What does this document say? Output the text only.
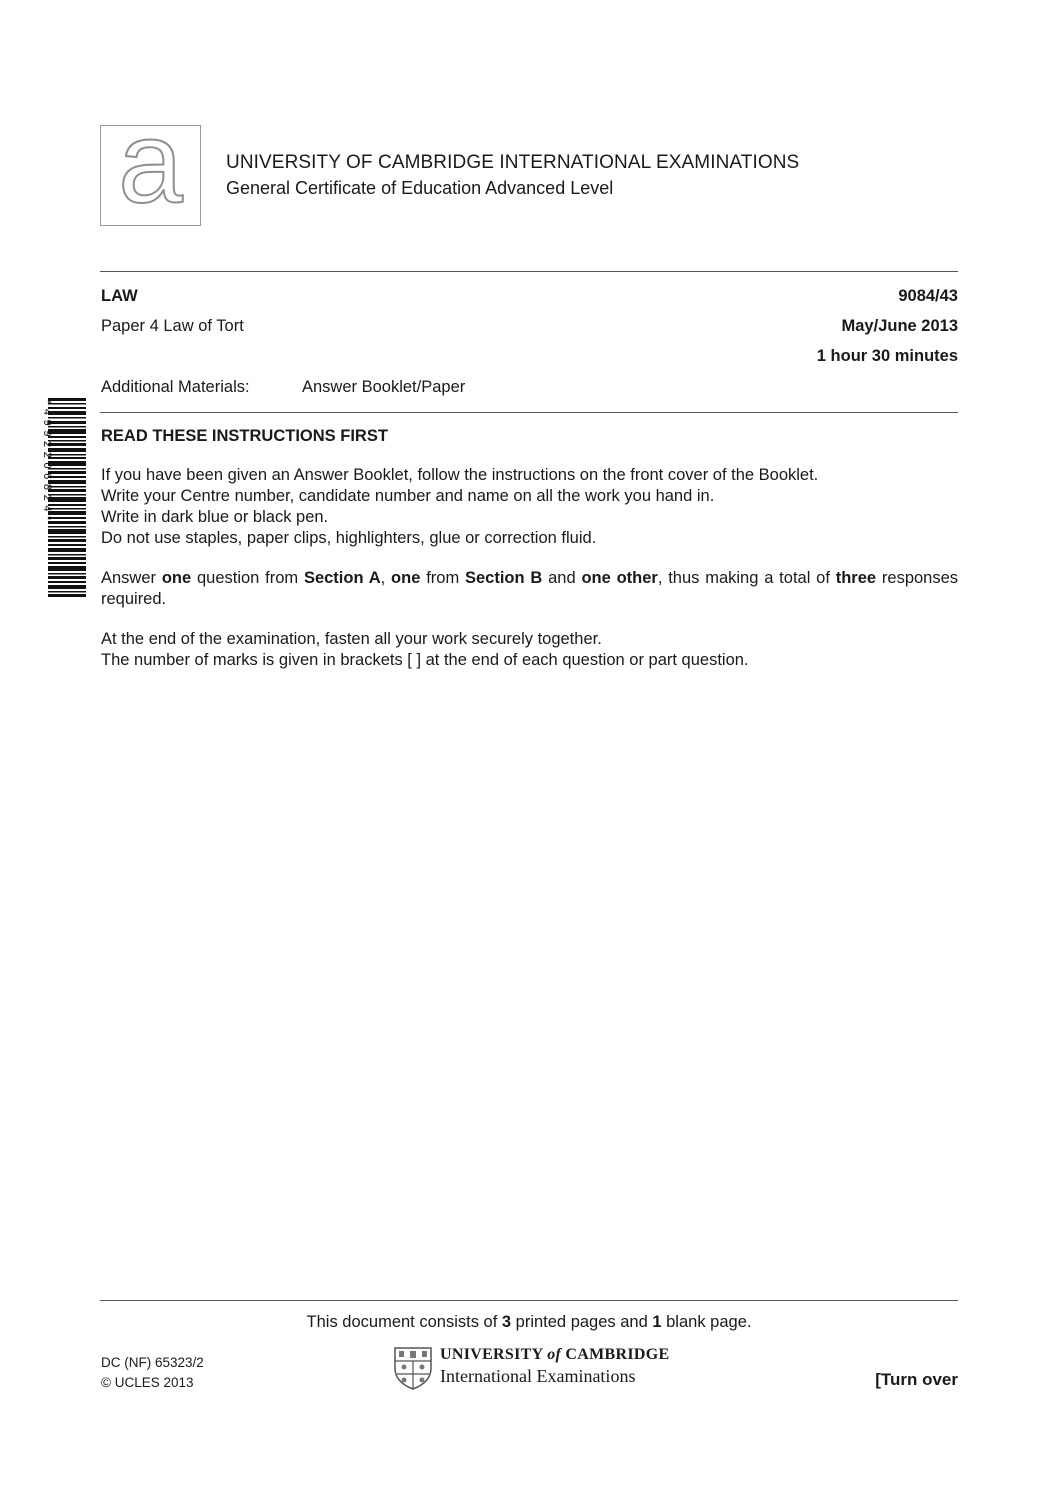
a	UNIVERSITY OF CAMBRIDGE INTERNATIONAL EXAMINATIONS
General Certificate of Education Advanced Level
LAW	9084/43
Paper 4 Law of Tort	May/June 2013
1 hour 30 minutes
Additional Materials:	Answer Booklet/Paper
*4992206824*	READ THESE INSTRUCTIONS FIRST

If you have been given an Answer Booklet, follow the instructions on the front cover of the Booklet.

Write your Centre number, candidate number and name on all the work you hand in.

Write in dark blue or black pen.

Do not use staples, paper clips, highlighters, glue or correction fluid.

Answer one question from Section A, one from Section B and one other, thus making a total of three responses required.

At the end of the examination, fasten all your work securely together.

The number of marks is given in brackets [ ] at the end of each question or part question.

This document consists of 3 printed pages and 1 blank page.
DC (NF) 65323/2
© UCLES 2013
UNIVERSITY of CAMBRIDGE
International Examinations	[Turn over
